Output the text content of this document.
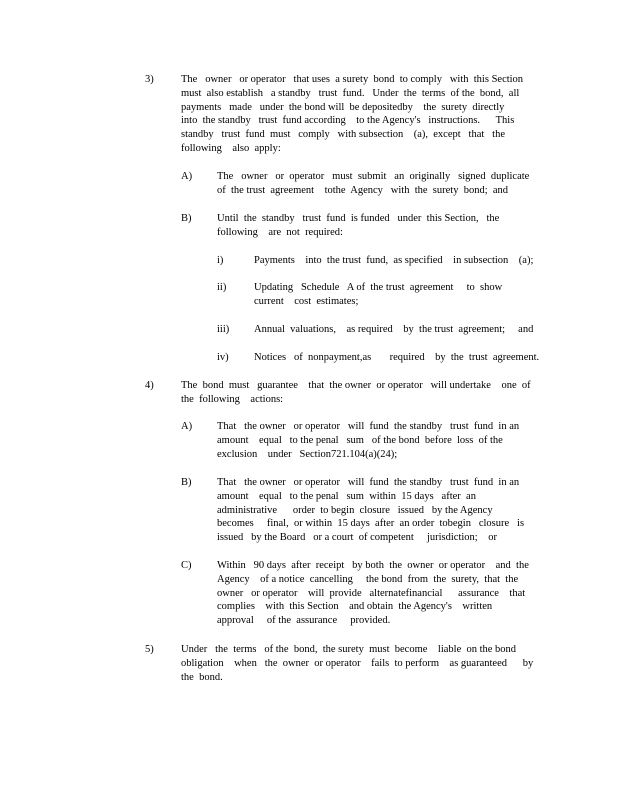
3)	The   owner   or operator   that uses  a surety  bond  to comply   with  this Section
must  also establish   a standby   trust  fund.   Under  the  terms  of the  bond,  all
payments   made   under  the bond will  be depositedby    the  surety  directly
into  the standby   trust  fund according    to the Agency's   instructions.      This
standby   trust  fund  must   comply   with subsection    (a),  except   that   the
following    also  apply:
A) The   owner   or  operator   must  submit   an  originally   signed  duplicate
of  the trust  agreement    tothe  Agency   with  the  surety  bond;  and
B) Until  the  standby   trust  fund  is funded   under  this Section,   the
following    are  not  required:
i)	Payments    into  the trust  fund,  as specified    in subsection    (a);
ii)	Updating   Schedule   A of  the trust  agreement     to  show
current    cost  estimates;
iii) Annual  valuations,    as required    by  the trust  agreement;     and
iv) Notices   of  nonpayment,as       required    by  the  trust  agreement.
4)	The  bond  must   guarantee    that  the owner  or operator   will undertake    one  of
the  following    actions:
A) That   the owner   or operator   will  fund  the standby   trust  fund  in an
amount    equal   to the penal   sum   of the bond  before  loss  of the
exclusion    under   Section721.104(a)(24);
B) That   the owner   or operator   will  fund  the standby   trust  fund  in an
amount    equal   to the penal   sum  within  15 days   after  an
administrative      order  to begin  closure   issued   by the Agency
becomes     final,  or within  15 days  after  an order  tobegin   closure   is
issued   by the Board   or a court  of competent     jurisdiction;    or
C) Within   90 days  after  receipt   by both  the  owner  or operator    and  the
Agency    of a notice  cancelling     the bond  from  the  surety,  that  the
owner   or operator    will  provide   alternatefinancial      assurance    that
complies    with  this Section    and obtain  the Agency's    written
approval     of the  assurance     provided.
5)	Under   the  terms   of the  bond,  the surety  must  become    liable  on the bond
obligation    when   the  owner  or operator    fails  to perform    as guaranteed      by
the  bond.
